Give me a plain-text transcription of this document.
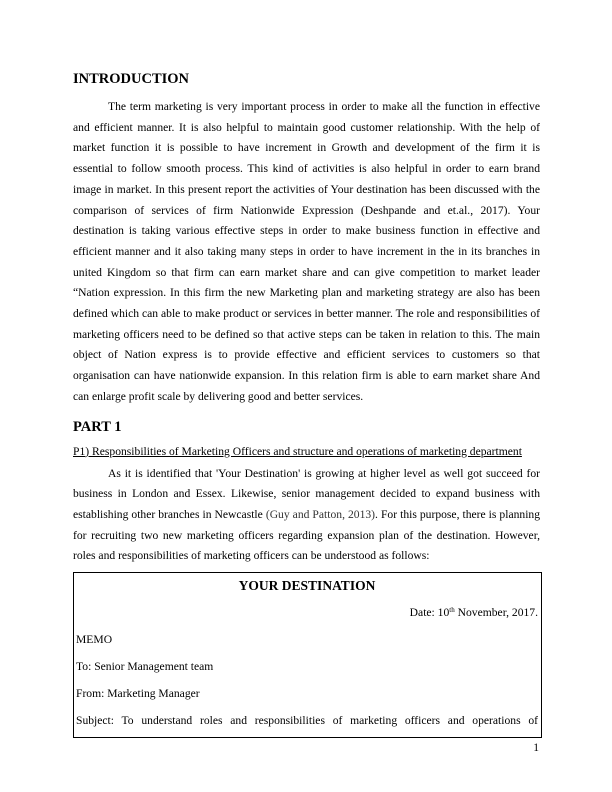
INTRODUCTION

The term marketing is very important process in order to make all the function in effective and efficient manner. It is also helpful to maintain good customer relationship. With the help of market function it is possible to have increment in Growth and development of the firm it is essential to follow smooth process. This kind of activities is also helpful in order to earn brand image in market. In this present report the activities of Your destination has been discussed with the comparison of services of firm Nationwide Expression (Deshpande and et.al., 2017). Your destination is taking various effective steps in order to make business function in effective and efficient manner and it also taking many steps in order to have increment in the in its branches in united Kingdom so that firm can earn market share and can give competition to market leader “Nation expression. In this firm the new Marketing plan and marketing strategy are also has been defined which can able to make product or services in better manner. The role and responsibilities of marketing officers need to be defined so that active steps can be taken in relation to this. The main object of Nation express is to provide effective and efficient services to customers so that organisation can have nationwide expansion. In this relation firm is able to earn market share And can enlarge profit scale by delivering good and better services.

PART 1

P1) Responsibilities of Marketing Officers and structure and operations of marketing department

As it is identified that 'Your Destination' is growing at higher level as well got succeed for business in London and Essex. Likewise, senior management decided to expand business with establishing other branches in Newcastle (Guy and Patton, 2013). For this purpose, there is planning for recruiting two new marketing officers regarding expansion plan of the destination. However, roles and responsibilities of marketing officers can be understood as follows:

YOUR DESTINATION

Date: 10th November, 2017.

MEMO

To: Senior Management team

From: Marketing Manager

Subject: To understand roles and responsibilities of marketing officers and operations of

1
